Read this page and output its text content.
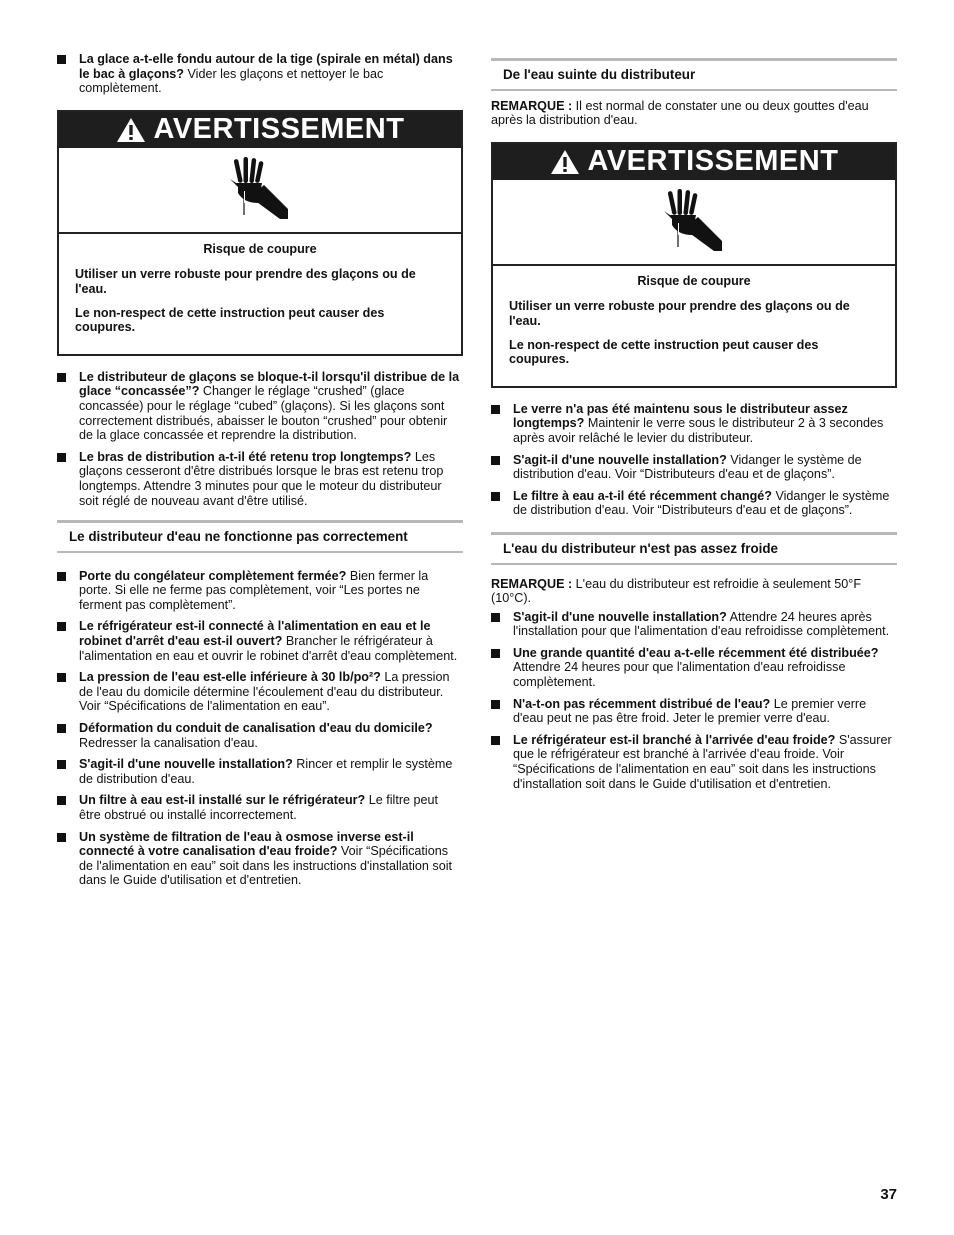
La glace a-t-elle fondu autour de la tige (spirale en métal) dans le bac à glaçons? Vider les glaçons et nettoyer le bac complètement.
AVERTISSEMENT
Risque de coupure

Utiliser un verre robuste pour prendre des glaçons ou de l'eau.

Le non-respect de cette instruction peut causer des coupures.

Le distributeur de glaçons se bloque-t-il lorsqu'il distribue de la glace “concassée”? Changer le réglage “crushed” (glace concassée) pour le réglage “cubed” (glaçons). Si les glaçons sont correctement distribués, abaisser le bouton “crushed” pour obtenir de la glace concassée et reprendre la distribution.
Le bras de distribution a-t-il été retenu trop longtemps? Les glaçons cesseront d'être distribués lorsque le bras est retenu trop longtemps. Attendre 3 minutes pour que le moteur du distributeur soit réglé de nouveau avant d'être utilisé.
Le distributeur d'eau ne fonctionne pas correctement
Porte du congélateur complètement fermée? Bien fermer la porte. Si elle ne ferme pas complètement, voir “Les portes ne ferment pas complètement”.
Le réfrigérateur est-il connecté à l'alimentation en eau et le robinet d'arrêt d'eau est-il ouvert? Brancher le réfrigérateur à l'alimentation en eau et ouvrir le robinet d'arrêt d'eau complètement.
La pression de l'eau est-elle inférieure à 30 lb/po²? La pression de l'eau du domicile détermine l'écoulement d'eau du distributeur. Voir “Spécifications de l'alimentation en eau”.
Déformation du conduit de canalisation d'eau du domicile? Redresser la canalisation d'eau.
S'agit-il d'une nouvelle installation? Rincer et remplir le système de distribution d'eau.
Un filtre à eau est-il installé sur le réfrigérateur? Le filtre peut être obstrué ou installé incorrectement.
Un système de filtration de l'eau à osmose inverse est-il connecté à votre canalisation d'eau froide? Voir “Spécifications de l'alimentation en eau” soit dans les instructions d'installation soit dans le Guide d'utilisation et d'entretien.
De l'eau suinte du distributeur

REMARQUE : Il est normal de constater une ou deux gouttes d'eau après la distribution d'eau.

AVERTISSEMENT
Risque de coupure

Utiliser un verre robuste pour prendre des glaçons ou de l'eau.

Le non-respect de cette instruction peut causer des coupures.

Le verre n'a pas été maintenu sous le distributeur assez longtemps? Maintenir le verre sous le distributeur 2 à 3 secondes après avoir relâché le levier du distributeur.
S'agit-il d'une nouvelle installation? Vidanger le système de distribution d'eau. Voir “Distributeurs d'eau et de glaçons”.
Le filtre à eau a-t-il été récemment changé? Vidanger le système de distribution d'eau. Voir “Distributeurs d'eau et de glaçons”.
L'eau du distributeur n'est pas assez froide

REMARQUE : L'eau du distributeur est refroidie à seulement 50°F (10°C).

S'agit-il d'une nouvelle installation? Attendre 24 heures après l'installation pour que l'alimentation d'eau refroidisse complètement.
Une grande quantité d'eau a-t-elle récemment été distribuée? Attendre 24 heures pour que l'alimentation d'eau refroidisse complètement.
N'a-t-on pas récemment distribué de l'eau? Le premier verre d'eau peut ne pas être froid. Jeter le premier verre d'eau.
Le réfrigérateur est-il branché à l'arrivée d'eau froide? S'assurer que le réfrigérateur est branché à l'arrivée d'eau froide. Voir “Spécifications de l'alimentation en eau” soit dans les instructions d'installation soit dans le Guide d'utilisation et d'entretien.
37
